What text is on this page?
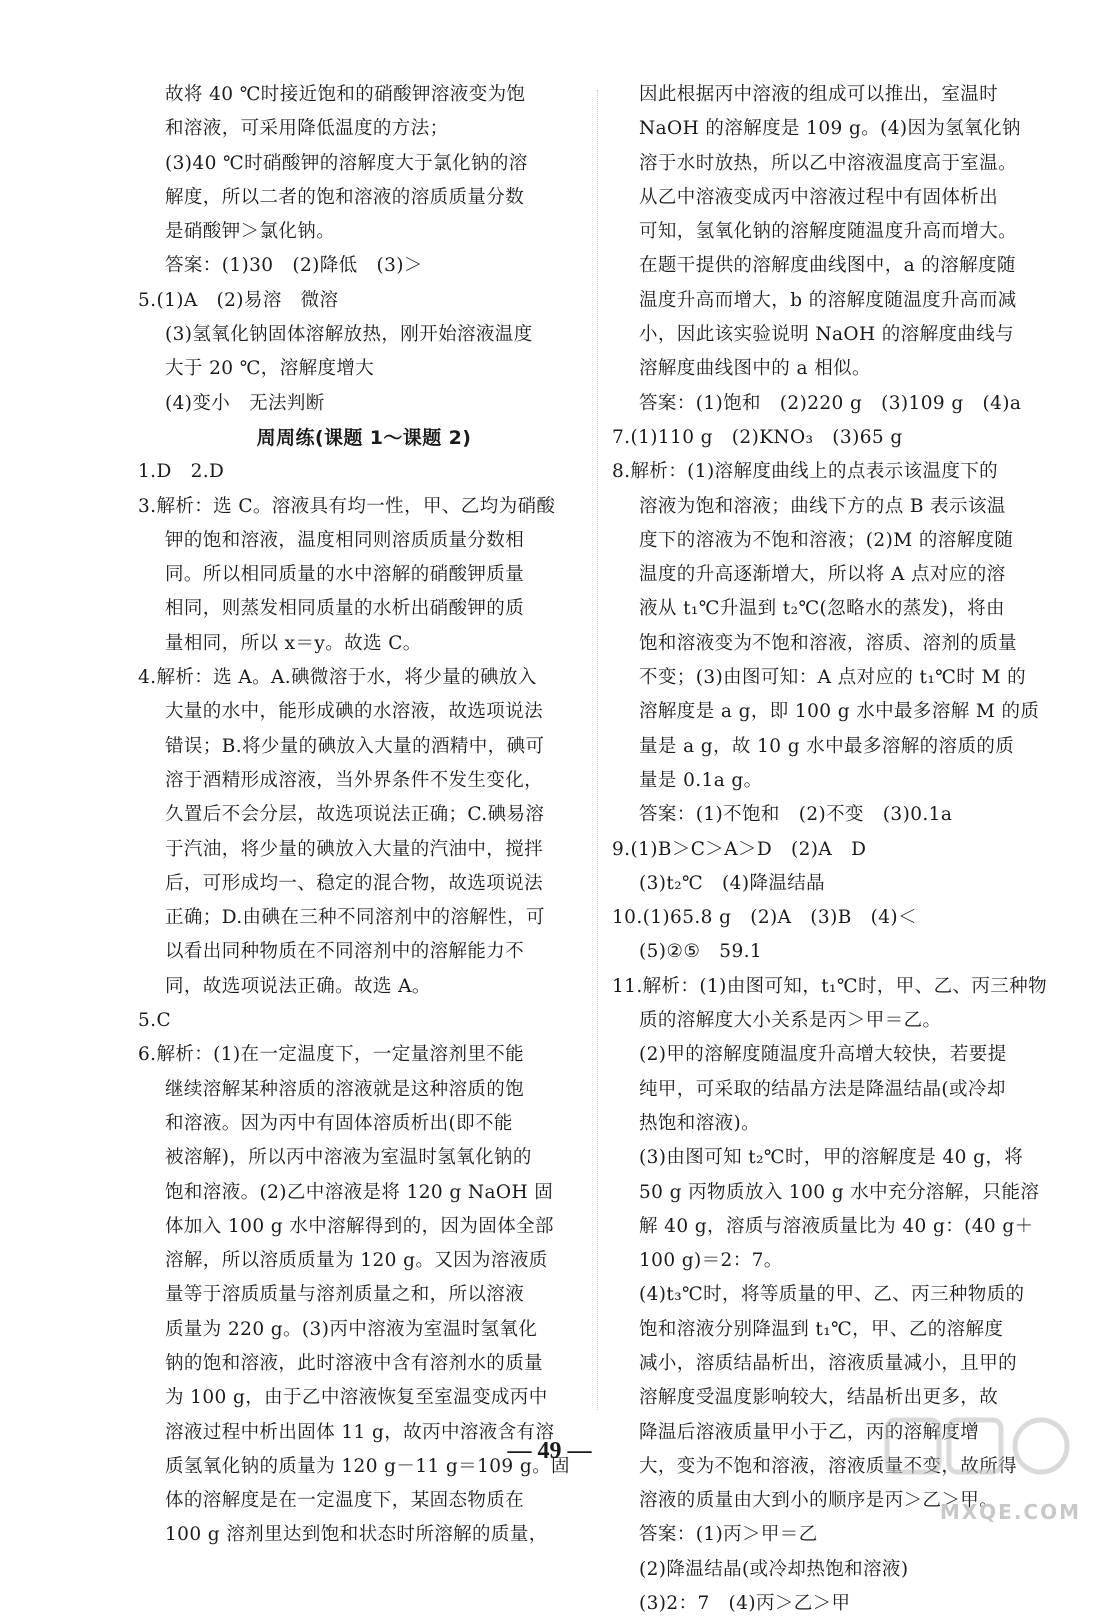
故将 40 ℃时接近饱和的硝酸钾溶液变为饱
和溶液，可采用降低温度的方法；
(3)40 ℃时硝酸钾的溶解度大于氯化钠的溶
解度，所以二者的饱和溶液的溶质质量分数
是硝酸钾＞氯化钠。
答案：(1)30　(2)降低　(3)＞
5.(1)A　(2)易溶　微溶
(3)氢氧化钠固体溶解放热，刚开始溶液温度
大于 20 ℃，溶解度增大
(4)变小　无法判断
周周练(课题 1～课题 2)
1.D　2.D
3.解析：选 C。溶液具有均一性，甲、乙均为硝酸
钾的饱和溶液，温度相同则溶质质量分数相
同。所以相同质量的水中溶解的硝酸钾质量
相同，则蒸发相同质量的水析出硝酸钾的质
量相同，所以 x＝y。故选 C。
4.解析：选 A。A.碘微溶于水，将少量的碘放入
大量的水中，能形成碘的水溶液，故选项说法
错误；B.将少量的碘放入大量的酒精中，碘可
溶于酒精形成溶液，当外界条件不发生变化，
久置后不会分层，故选项说法正确；C.碘易溶
于汽油，将少量的碘放入大量的汽油中，搅拌
后，可形成均一、稳定的混合物，故选项说法
正确；D.由碘在三种不同溶剂中的溶解性，可
以看出同种物质在不同溶剂中的溶解能力不
同，故选项说法正确。故选 A。
5.C
6.解析：(1)在一定温度下，一定量溶剂里不能
继续溶解某种溶质的溶液就是这种溶质的饱
和溶液。因为丙中有固体溶质析出(即不能
被溶解)，所以丙中溶液为室温时氢氧化钠的
饱和溶液。(2)乙中溶液是将 120 g NaOH 固
体加入 100 g 水中溶解得到的，因为固体全部
溶解，所以溶质质量为 120 g。又因为溶液质
量等于溶质质量与溶剂质量之和，所以溶液
质量为 220 g。(3)丙中溶液为室温时氢氧化
钠的饱和溶液，此时溶液中含有溶剂水的质量
为 100 g，由于乙中溶液恢复至室温变成丙中
溶液过程中析出固体 11 g，故丙中溶液含有溶
质氢氧化钠的质量为 120 g－11 g＝109 g。固
体的溶解度是在一定温度下，某固态物质在
100 g 溶剂里达到饱和状态时所溶解的质量，
因此根据丙中溶液的组成可以推出，室温时
NaOH 的溶解度是 109 g。(4)因为氢氧化钠
溶于水时放热，所以乙中溶液温度高于室温。
从乙中溶液变成丙中溶液过程中有固体析出
可知，氢氧化钠的溶解度随温度升高而增大。
在题干提供的溶解度曲线图中，a 的溶解度随
温度升高而增大，b 的溶解度随温度升高而减
小，因此该实验说明 NaOH 的溶解度曲线与
溶解度曲线图中的 a 相似。
答案：(1)饱和　(2)220 g　(3)109 g　(4)a
7.(1)110 g　(2)KNO₃　(3)65 g
8.解析：(1)溶解度曲线上的点表示该温度下的
溶液为饱和溶液；曲线下方的点 B 表示该温
度下的溶液为不饱和溶液；(2)M 的溶解度随
温度的升高逐渐增大，所以将 A 点对应的溶
液从 t₁℃升温到 t₂℃(忽略水的蒸发)，将由
饱和溶液变为不饱和溶液，溶质、溶剂的质量
不变；(3)由图可知：A 点对应的 t₁℃时 M 的
溶解度是 a g，即 100 g 水中最多溶解 M 的质
量是 a g，故 10 g 水中最多溶解的溶质的质
量是 0.1a g。
答案：(1)不饱和　(2)不变　(3)0.1a
9.(1)B＞C＞A＞D　(2)A　D
(3)t₂℃　(4)降温结晶
10.(1)65.8 g　(2)A　(3)B　(4)＜
(5)②⑤　59.1
11.解析：(1)由图可知，t₁℃时，甲、乙、丙三种物
质的溶解度大小关系是丙＞甲＝乙。
(2)甲的溶解度随温度升高增大较快，若要提
纯甲，可采取的结晶方法是降温结晶(或冷却
热饱和溶液)。
(3)由图可知 t₂℃时，甲的溶解度是 40 g，将
50 g 丙物质放入 100 g 水中充分溶解，只能溶
解 40 g，溶质与溶液质量比为 40 g：(40 g＋
100 g)＝2：7。
(4)t₃℃时，将等质量的甲、乙、丙三种物质的
饱和溶液分别降温到 t₁℃，甲、乙的溶解度
减小，溶质结晶析出，溶液质量减小，且甲的
溶解度受温度影响较大，结晶析出更多，故
降温后溶液质量甲小于乙，丙的溶解度增
大，变为不饱和溶液，溶液质量不变，故所得
溶液的质量由大到小的顺序是丙＞乙＞甲。
答案：(1)丙＞甲＝乙
(2)降温结晶(或冷却热饱和溶液)
(3)2：7　(4)丙＞乙＞甲
— 49 —
MXQE.COM
